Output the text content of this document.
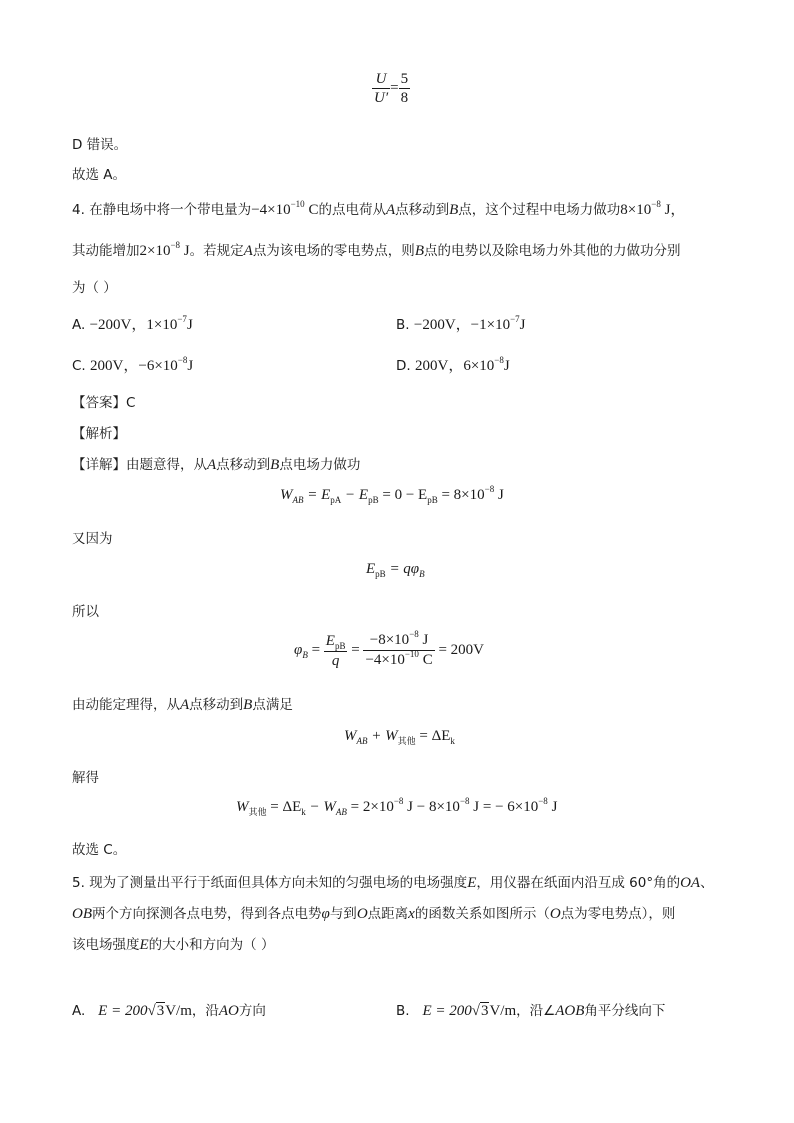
$\frac{U}{U'} = \frac{5}{8}$
D 错误。
故选 A。
4. 在静电场中将一个带电量为$-4\times 10^{-10}$ C的点电荷从A点移动到B点，这个过程中电场力做功$8\times 10^{-8}$ J，
其动能增加$2\times 10^{-8}$ J。若规定A点为该电场的零电势点，则B点的电势以及除电场力外其他的力做功分别
为（ ）
A. −200V，$1\times 10^{-7}J$	B. −200V，$-1\times 10^{-7}J$
C. 200V，$-6\times 10^{-8}J$	D. 200V，$6\times 10^{-8}J$
【答案】C
【解析】
【详解】由题意得，从A点移动到B点电场力做功
$W_{AB} = E_{pA} - E_{pB} = 0 - E_{pB} = 8\times 10^{-8}$ J
又因为
$E_{pB} = q\varphi_B$
所以
$\varphi_B = \frac{E_{pB}}{q} = \frac{-8\times 10^{-8} J}{-4\times 10^{-10} C} = 200V$
由动能定理得，从A点移动到B点满足
$W_{AB} + W_{其他} = \Delta E_k$
解得
$W_{其他} = \Delta E_k - W_{AB} = 2\times 10^{-8}$ $J - 8\times 10^{-8}$ J = − $6\times 10^{-8}$ J
故选 C。
5. 现为了测量出平行于纸面但具体方向未知的匀强电场的电场强度E，用仪器在纸面内沿互成 60°角的OA、
OB两个方向探测各点电势，得到各点电势φ与到O点距离x的函数关系如图所示（O点为零电势点），则
该电场强度E的大小和方向为（ ）
A. E = 200√3V/m，沿AO方向	B. E = 200√3V/m，沿∠AOB角平分线向下
